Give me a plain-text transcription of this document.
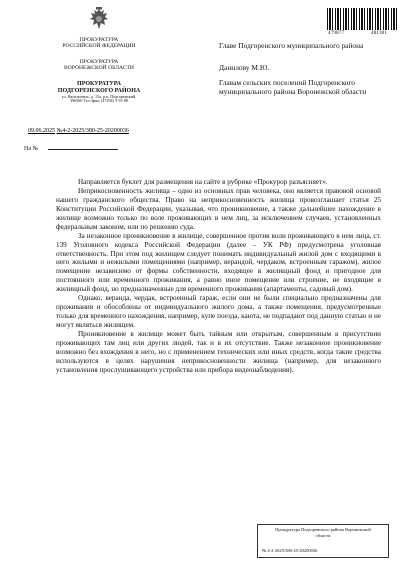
479877	481301
ПРОКУРАТУРА
РОССИЙСКОЙ ФЕДЕРАЦИИ
ПРОКУРАТУРА
ВОРОНЕЖСКОЙ ОБЛАСТИ
ПРОКУРАТУРА
ПОДГОРЕНСКОГО РАЙОНА
ул. Васильевых, д. 15а, р.п. Подгоренский,
396560 Тел./факс (47394) 5-55-88
09.06.2025 №4-2-2025/380-25-20200036
На №
Главе Подгоренского муниципального района
Данилову М.Ю.
Главам сельских поселений Подгоренского муниципального района Воронежской области

Направляется буклет для размещения на сайте в рубрике «Прокурор разъясняет».

Неприкосновенность жилища – одно из основных прав человека, оно является правовой основой нашего гражданского общества. Право на неприкосновенность жилища провозглашает статья 25 Конституции Российской Федерации, указывая, что проникновение, а также дальнейшее нахождение в жилище возможно только по воле проживающих в нем лиц, за исключением случаев, установленных федеральным законом, или по решению суда.

За незаконное проникновение в жилище, совершенное против воли проживающего в нем лица, ст. 139 Уголовного кодекса Российской Федерации (далее – УК РФ) предусмотрена уголовная ответственность. При этом под жилищем следует понимать индивидуальный жилой дом с входящими в него жилыми и нежилыми помещениями (например, верандой, чердаком, встроенным гаражом), жилое помещение независимо от формы собственности, входящее в жилищный фонд и пригодное для постоянного или временного проживания, а равно иное помещение или строение, не входящие в жилищный фонд, но предназначенные для временного проживания (апартаменты, садовый дом).

Однако, веранда, чердак, встроенный гараж, если они не были специально предназначены для проживания и обособлены от индивидуального жилого дома, а также помещения, предусмотренные только для временного нахождения, например, купе поезда, каюта, не подпадают под данную статью и не могут являться жилищем.

Проникновение в жилище может быть тайным или открытым, совершенным в присутствии проживающих там лиц или других людей, так и в их отсутствие. Также незаконное проникновение возможно без вхождения в него, но с применением технических или иных средств, когда такие средства используются в целях нарушения неприкосновенности жилища (например, для незаконного установления прослушивающего устройства или прибора видеонаблюдения).

Прокуратура Подгоренского района Воронежской
области
№ 4-2-2025/380-25-20200036
